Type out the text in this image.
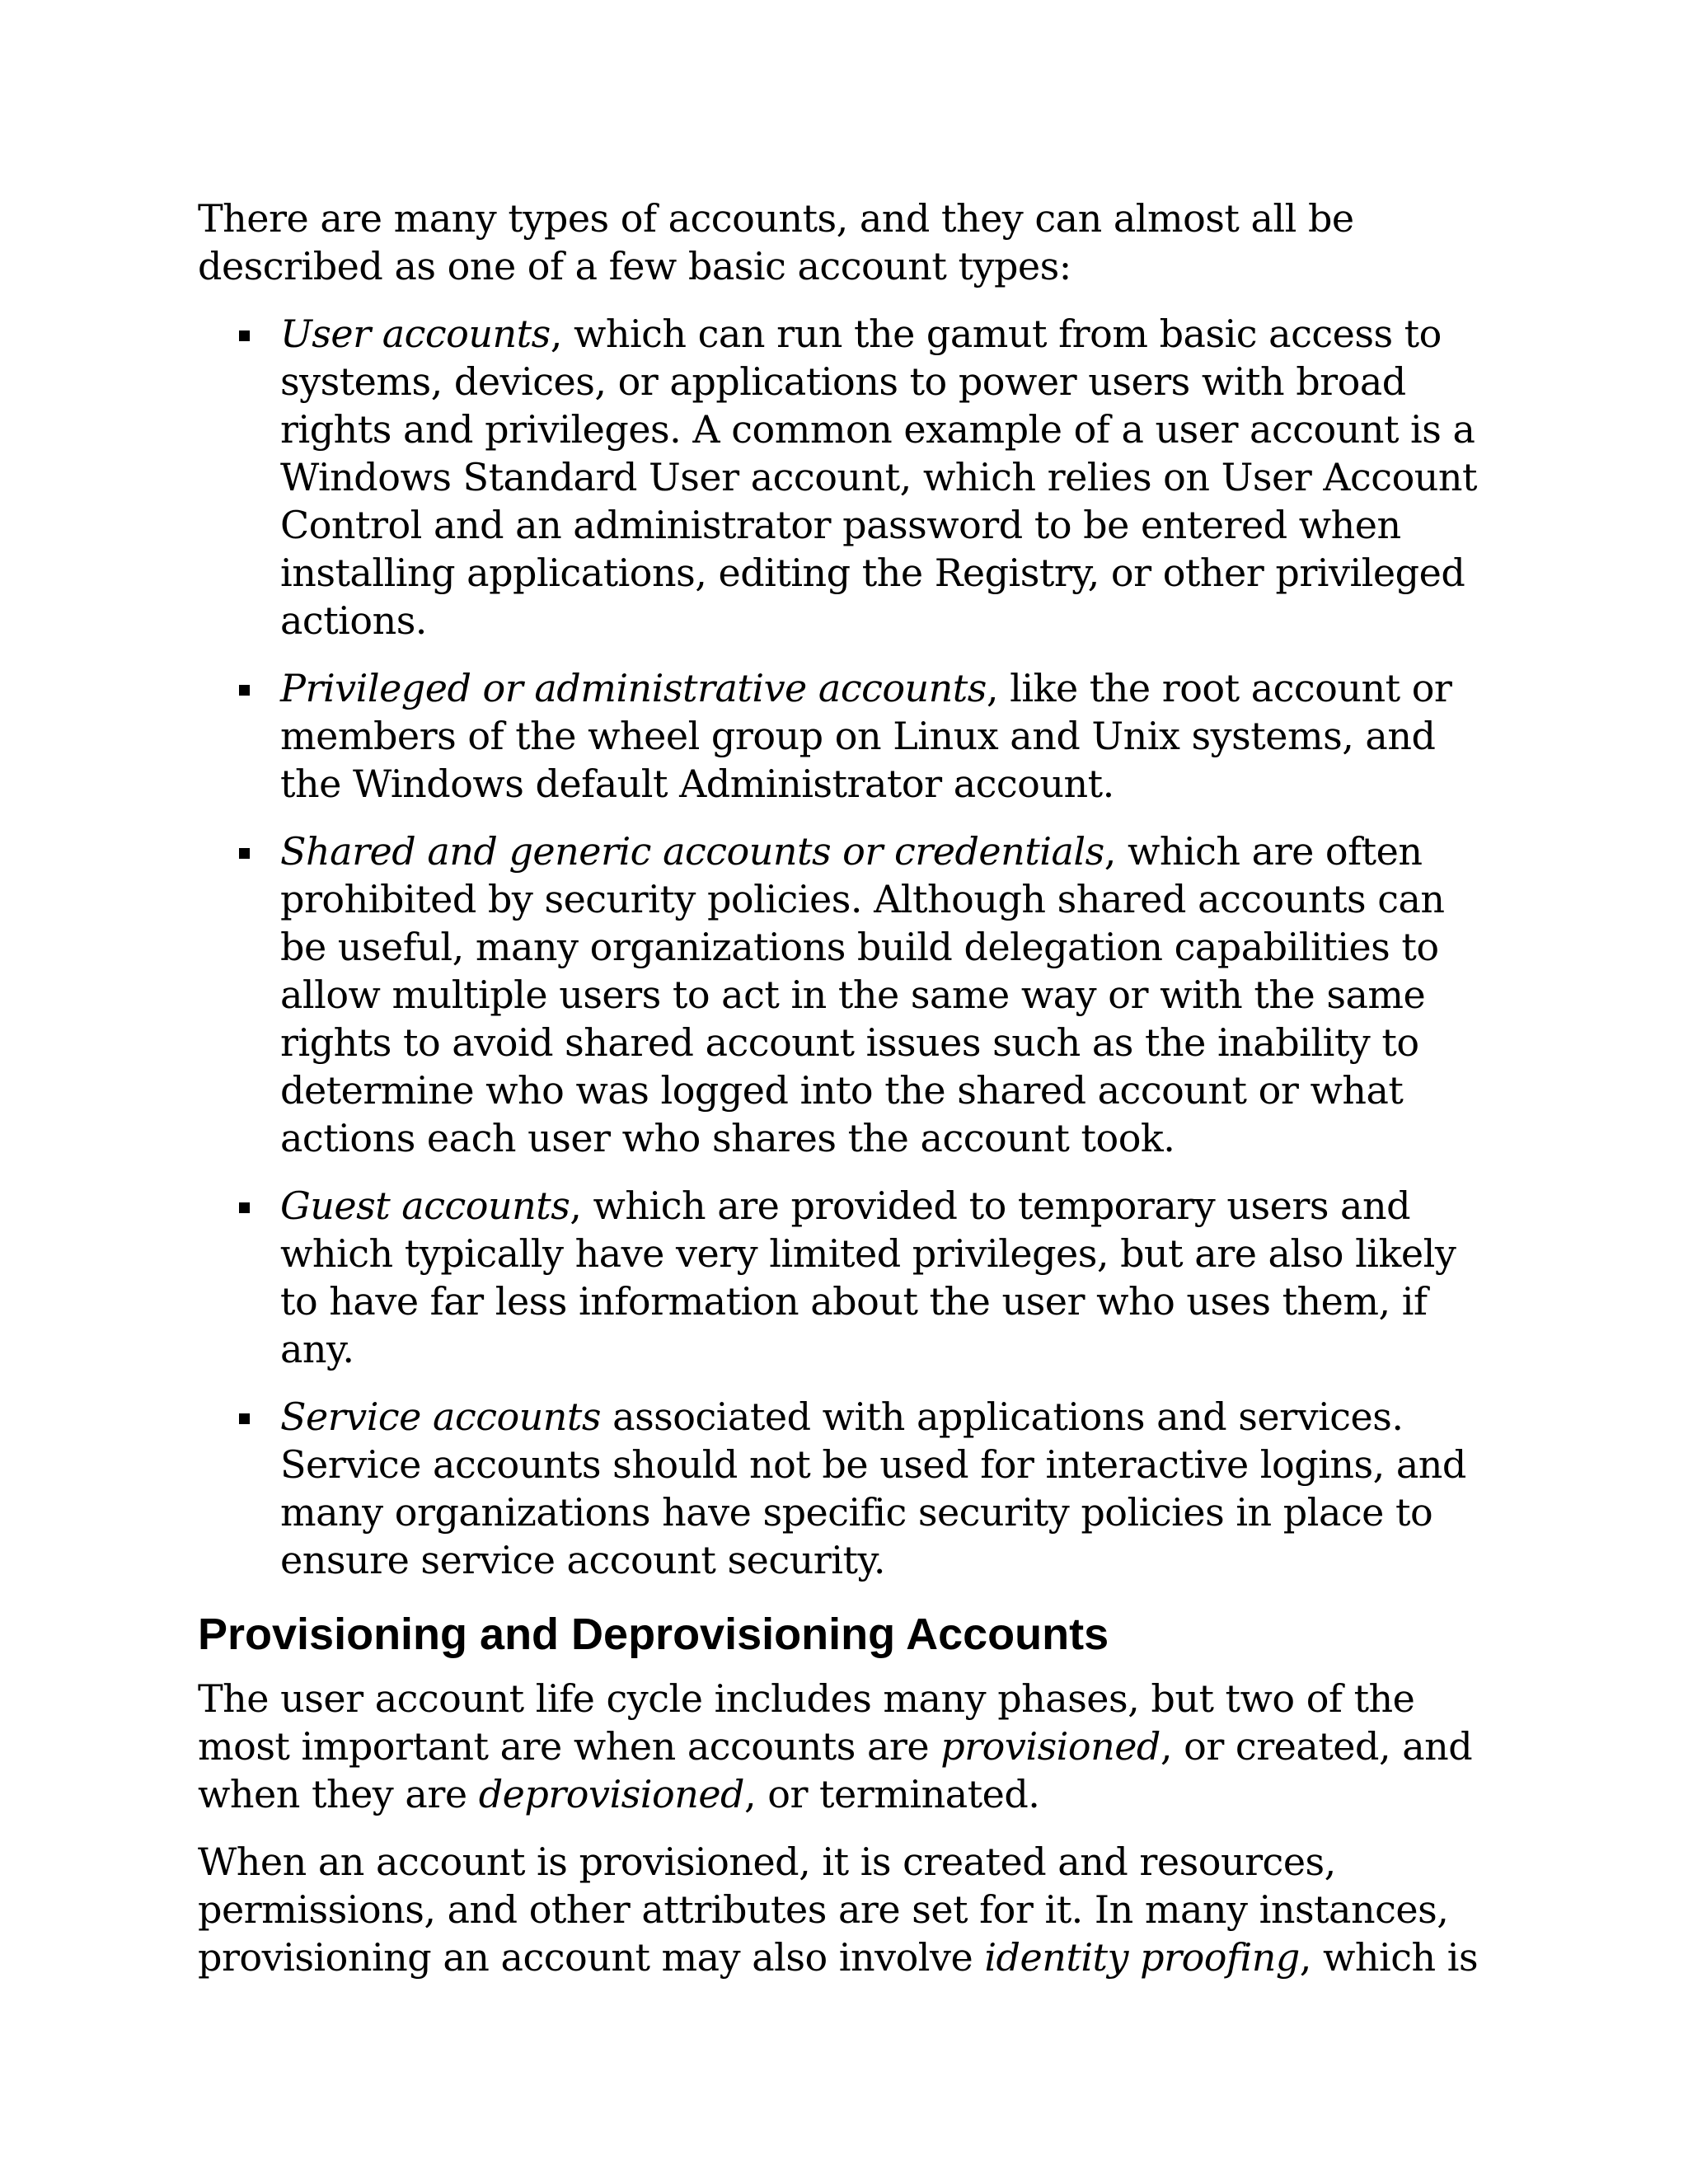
There are many types of accounts, and they can almost all be described as one of a few basic account types:

User accounts, which can run the gamut from basic access to systems, devices, or applications to power users with broad rights and privileges. A common example of a user account is a Windows Standard User account, which relies on User Account Control and an administrator password to be entered when installing applications, editing the Registry, or other privileged actions.
Privileged or administrative accounts, like the root account or members of the wheel group on Linux and Unix systems, and the Windows default Administrator account.
Shared and generic accounts or credentials, which are often prohibited by security policies. Although shared accounts can be useful, many organizations build delegation capabilities to allow multiple users to act in the same way or with the same rights to avoid shared account issues such as the inability to determine who was logged into the shared account or what actions each user who shares the account took.
Guest accounts, which are provided to temporary users and which typically have very limited privileges, but are also likely to have far less information about the user who uses them, if any.
Service accounts associated with applications and services. Service accounts should not be used for interactive logins, and many organizations have specific security policies in place to ensure service account security.
Provisioning and Deprovisioning Accounts

The user account life cycle includes many phases, but two of the most important are when accounts are provisioned, or created, and when they are deprovisioned, or terminated.

When an account is provisioned, it is created and resources, permissions, and other attributes are set for it. In many instances, provisioning an account may also involve identity proofing, which is
